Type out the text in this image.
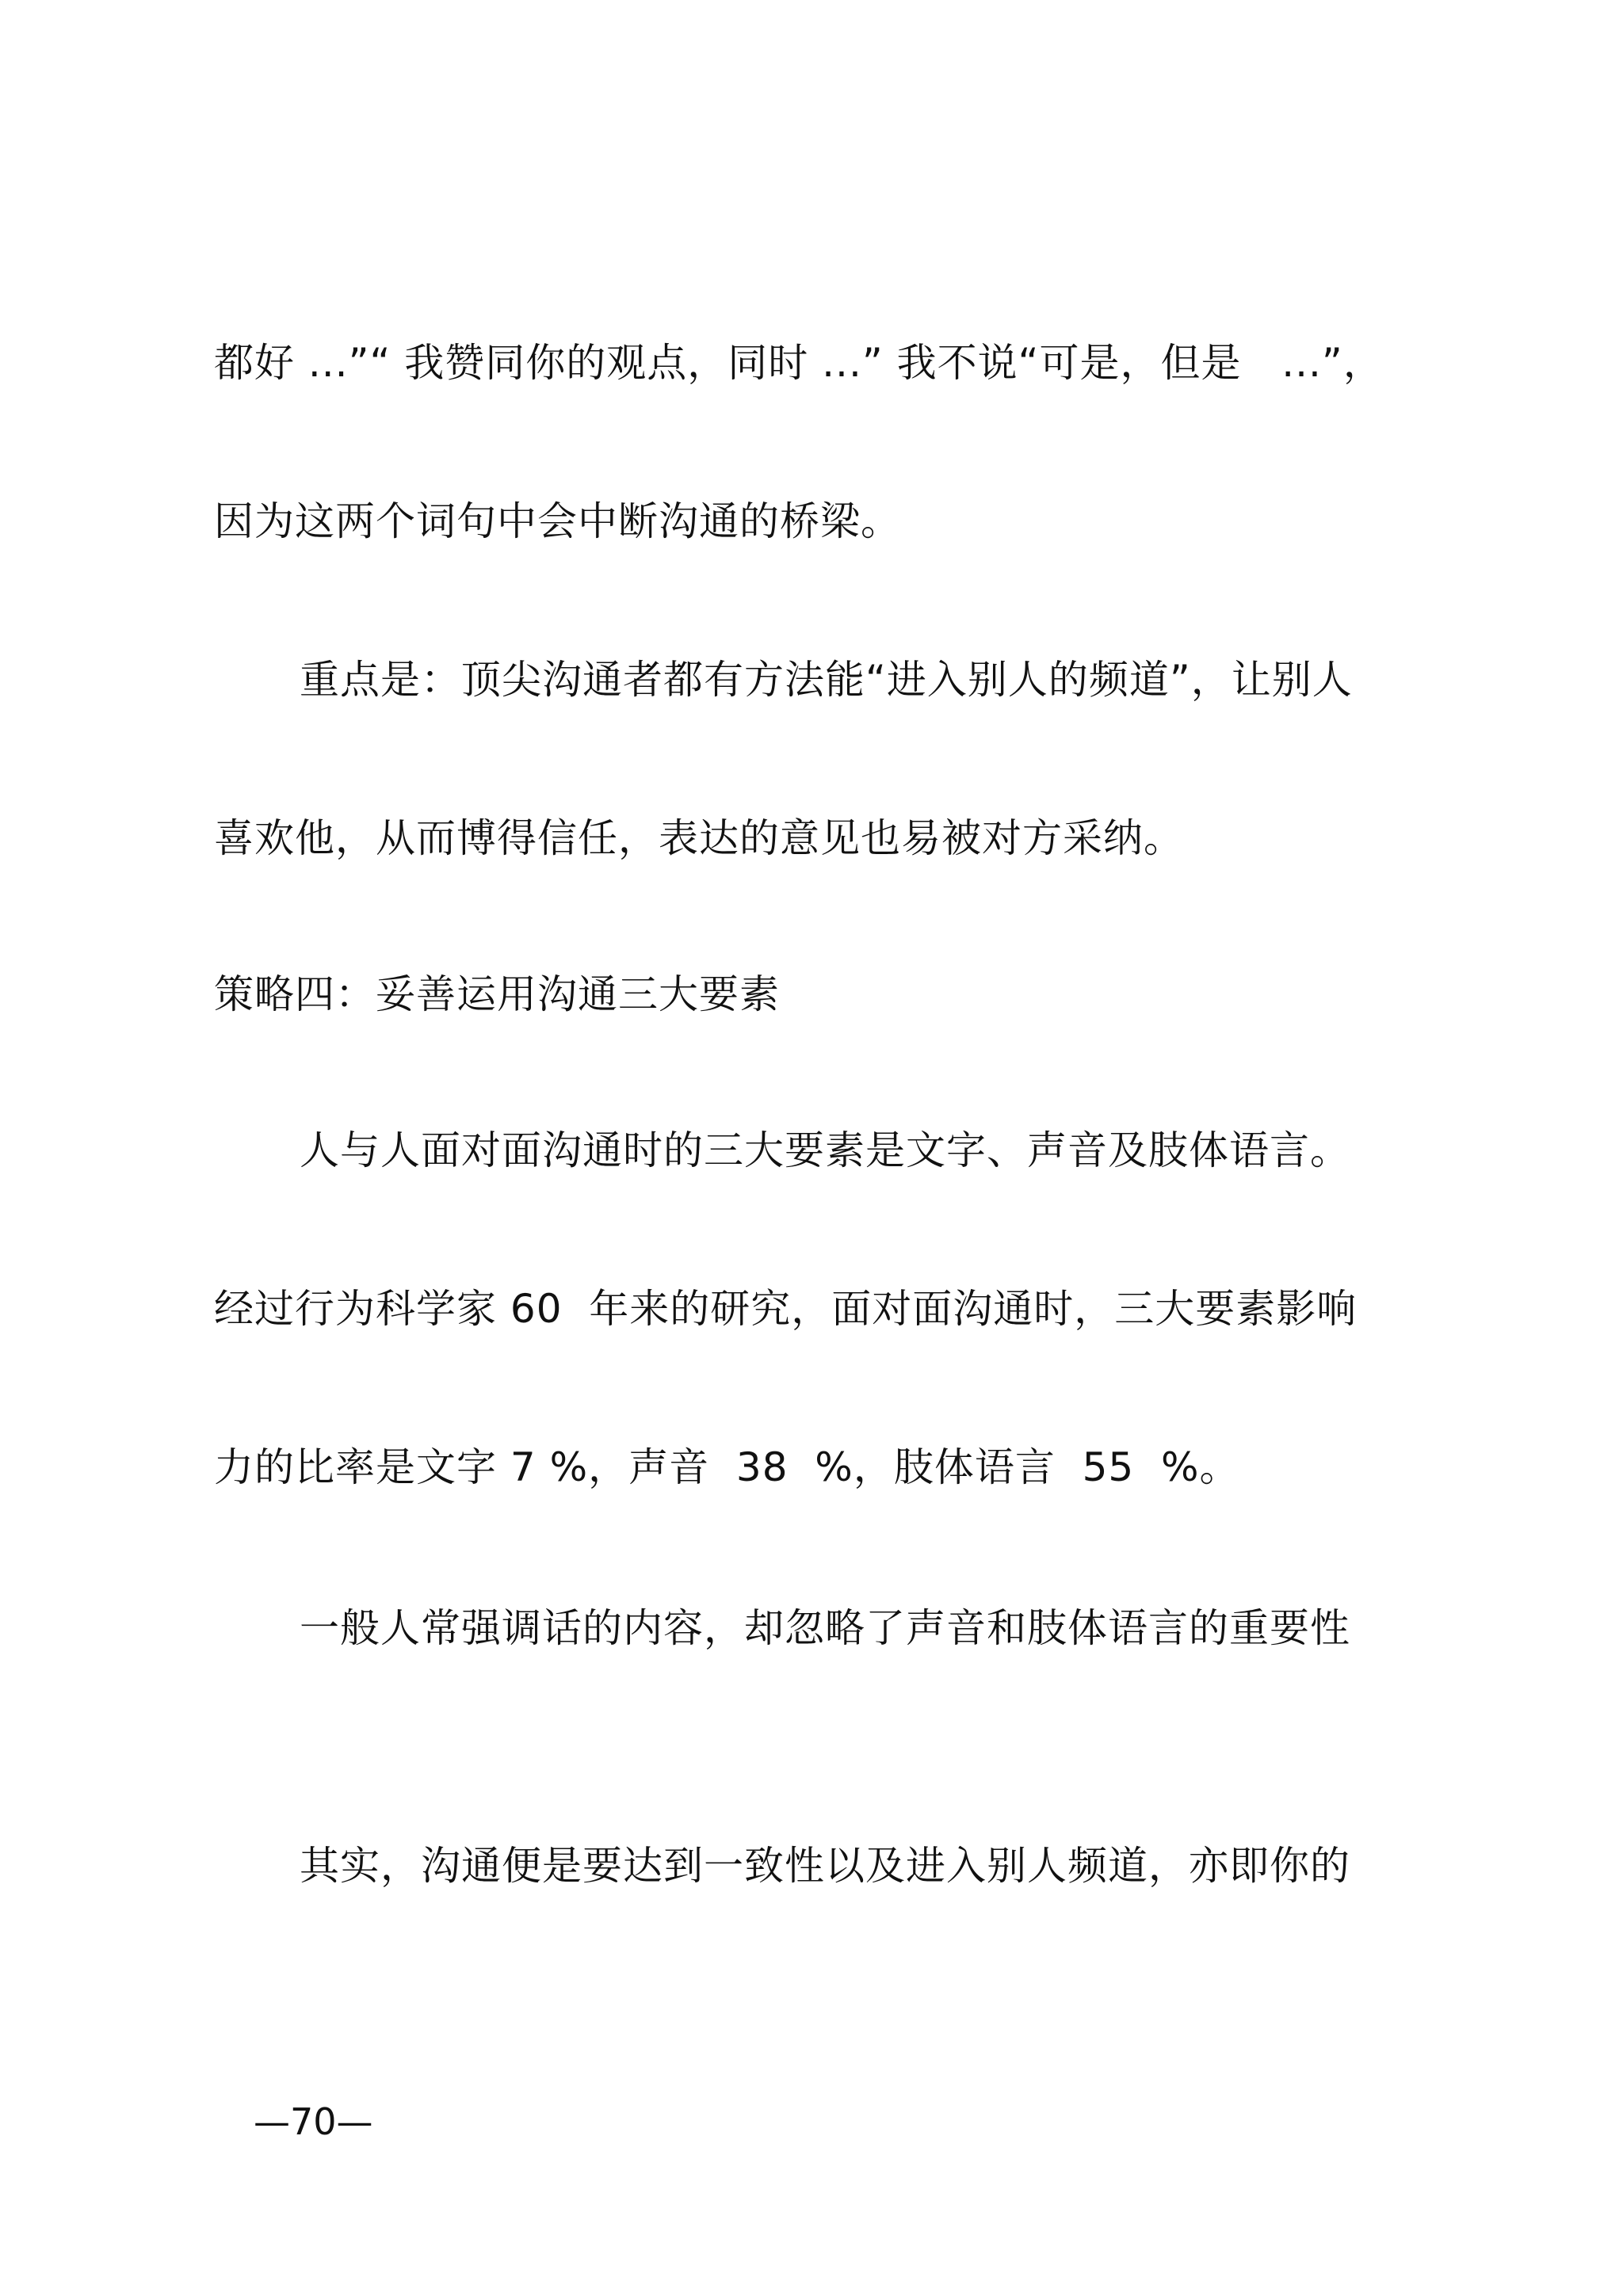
都好 ...”“ 我赞同你的观点，同时 ...” 我不说“可是，但是   ...”，
因为这两个词句中会中断沟通的桥梁。
重点是：顶尖沟通者都有方法能“进入别人的频道”，让别人
喜欢他，从而博得信任，表达的意见也易被对方采纳。
策略四：妥善运用沟通三大要素
人与人面对面沟通时的三大要素是文字、声音及肢体语言。
经过行为科学家 60  年来的研究，面对面沟通时，三大要素影响
力的比率是文字 7 %，声音  38  %，肢体语言  55  %。
一般人常强调话的内容，却忽略了声音和肢体语言的重要性
其实，沟通便是要达到一致性以及进入别人频道，亦即你的
—70—
